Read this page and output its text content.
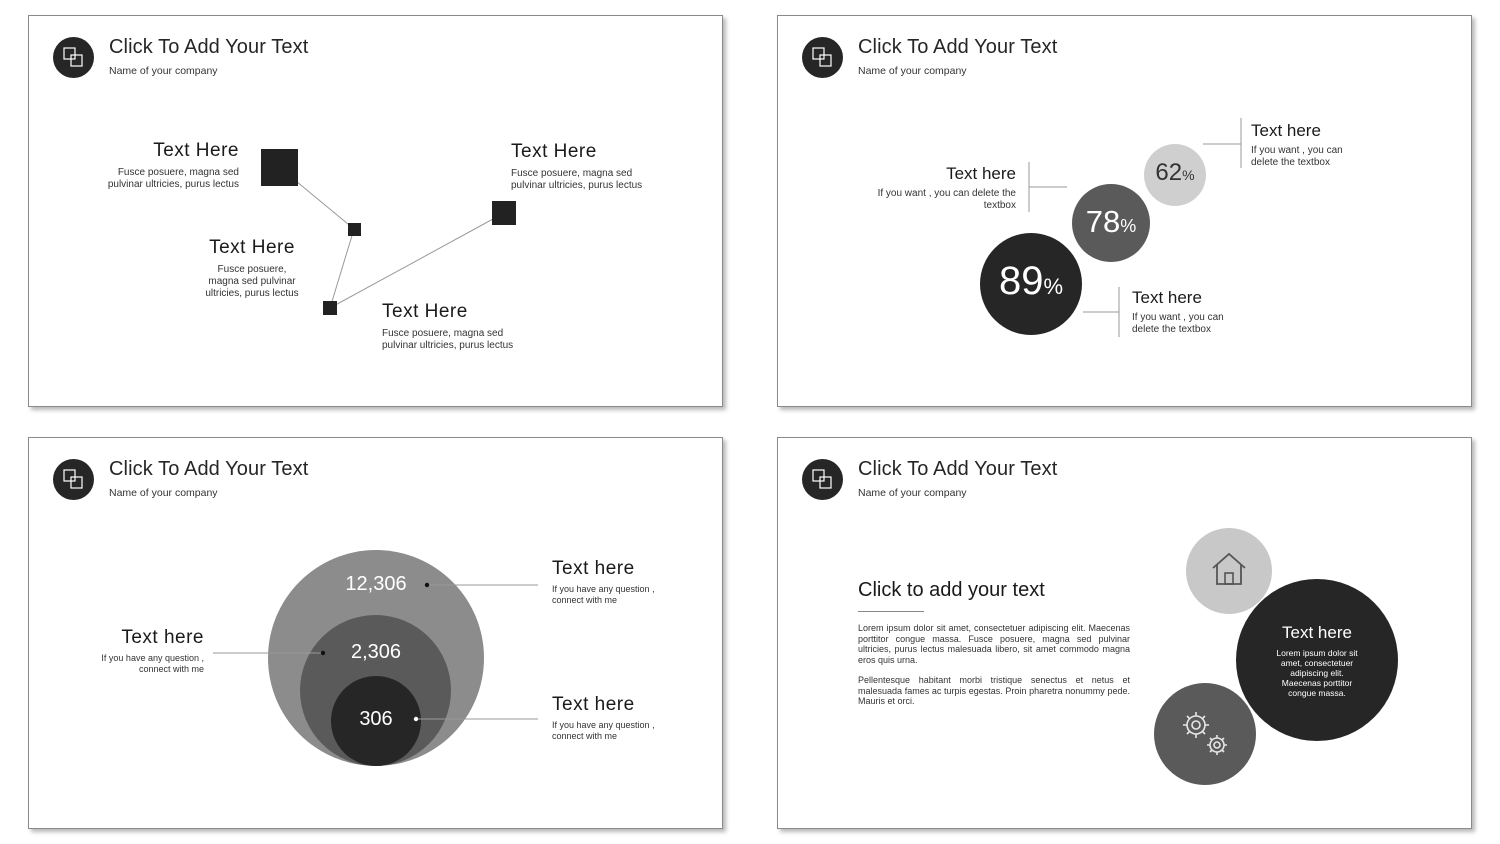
Click To Add Your Text
Name of your company
Text Here
Fusce posuere, magna sed pulvinar ultricies, purus lectus
Text Here
Fusce posuere, magna sed pulvinar ultricies, purus lectus
Text Here
Fusce posuere, magna sed pulvinar ultricies, purus lectus
Text Here
Fusce posuere, magna sed pulvinar ultricies, purus lectus
Click To Add Your Text
Name of your company
89%
78%
62%
Text here
If you want , you can delete the textbox
Text here
If you want , you can delete the textbox
Text here
If you want , you can delete the textbox
Click To Add Your Text
Name of your company
12,306
2,306
306
Text here
If you have any question , connect with me
Text here
If you have any question , connect with me
Text here
If you have any question , connect with me
Click To Add Your Text
Name of your company
Click to add your text
Lorem ipsum dolor sit amet, consectetuer adipiscing elit. Maecenas porttitor congue massa. Fusce posuere, magna sed pulvinar ultricies, purus lectus malesuada libero, sit amet commodo magna eros quis urna.
Pellentesque habitant morbi tristique senectus et netus et malesuada fames ac turpis egestas. Proin pharetra nonummy pede. Mauris et orci.
Text here
Lorem ipsum dolor sit amet, consectetuer adipiscing elit. Maecenas porttitor congue massa.
